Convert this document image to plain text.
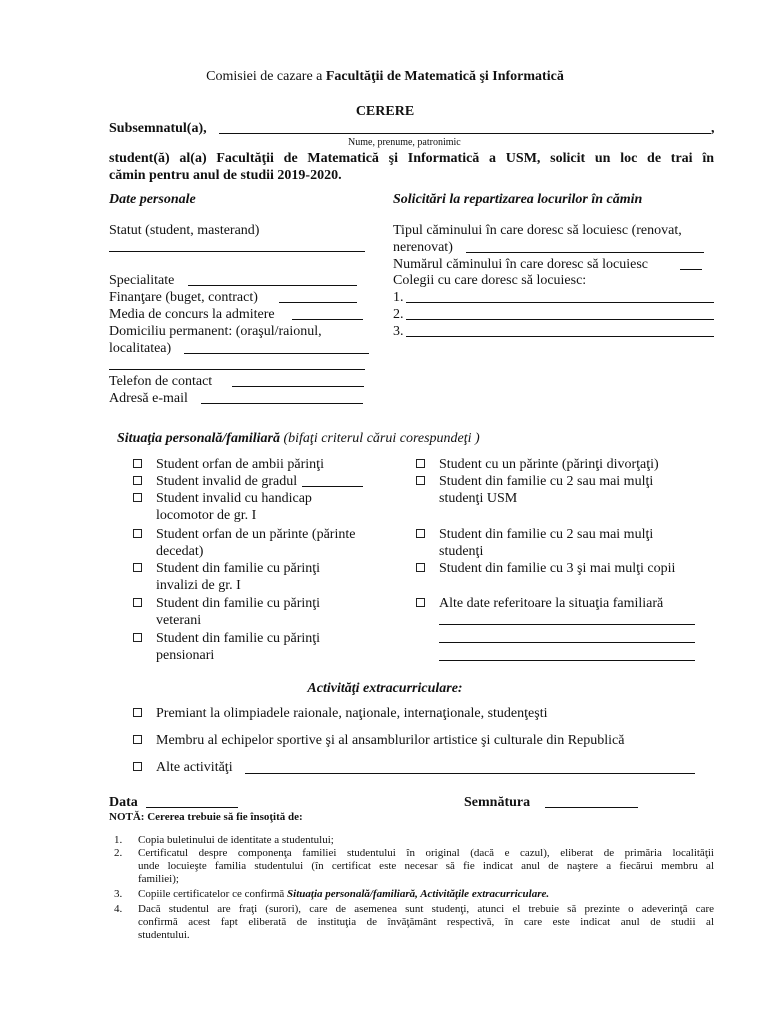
Comisiei de cazare a Facultăţii de Matematică şi Informatică
CERERE
Subsemnatul(a),	,
Nume, prenume, patronimic
student(ă) al(a) Facultăţii de Matematică şi Informatică a USM, solicit un loc de trai în
cămin pentru anul de studii 2019-2020.
Date personale
Statut (student, masterand)
Specialitate
Finanţare (buget, contract)
Media de concurs la admitere
Domiciliu permanent: (oraşul/raionul,
localitatea)
Telefon de contact
Adresă e-mail
Solicitări la repartizarea locurilor în cămin
Tipul căminului în care doresc să locuiesc (renovat,
nerenovat)
Numărul căminului în care doresc să locuiesc
Colegii cu care doresc să locuiesc:
1.
2.
3.
Situaţia personală/familiară (bifaţi criterul cărui corespundeţi )
Student orfan de ambii părinţi
Student invalid de gradul
Student invalid cu handicap
locomotor de gr. I
Student orfan de un părinte (părinte
decedat)
Student din familie cu părinţi
invalizi de gr. I
Student din familie cu părinţi
veterani
Student din familie cu părinţi
pensionari
Student cu un părinte (părinţi divorţaţi)
Student din familie cu 2 sau mai mulţi
studenţi USM
Student din familie cu 2 sau mai mulţi
studenţi
Student din familie cu 3 şi mai mulţi copii
Alte date referitoare la situaţia familiară
Activităţi extracurriculare:
Premiant la olimpiadele raionale, naţionale, internaţionale, studenţeşti
Membru al echipelor sportive şi al ansamblurilor artistice şi culturale din Republică
Alte activităţi
Data	Semnătura
NOTĂ: Cererea trebuie să fie însoţită de:
1. Copia buletinului de identitate a studentului;
2. Certificatul despre componenţa familiei studentului în original (dacă e cazul), eliberat de primăria localităţii
unde locuieşte familia studentului (în certificat este necesar să fie indicat anul de naştere a fiecărui membru al
familiei);
3. Copiile certificatelor ce confirmă Situaţia personală/familiară, Activităţile extracurriculare.
4. Dacă studentul are fraţi (surori), care de asemenea sunt studenţi, atunci el trebuie să prezinte o adeverinţă care
confirmă acest fapt eliberată de instituţia de învăţământ respectivă, în care este indicat anul de studii al
studentului.
